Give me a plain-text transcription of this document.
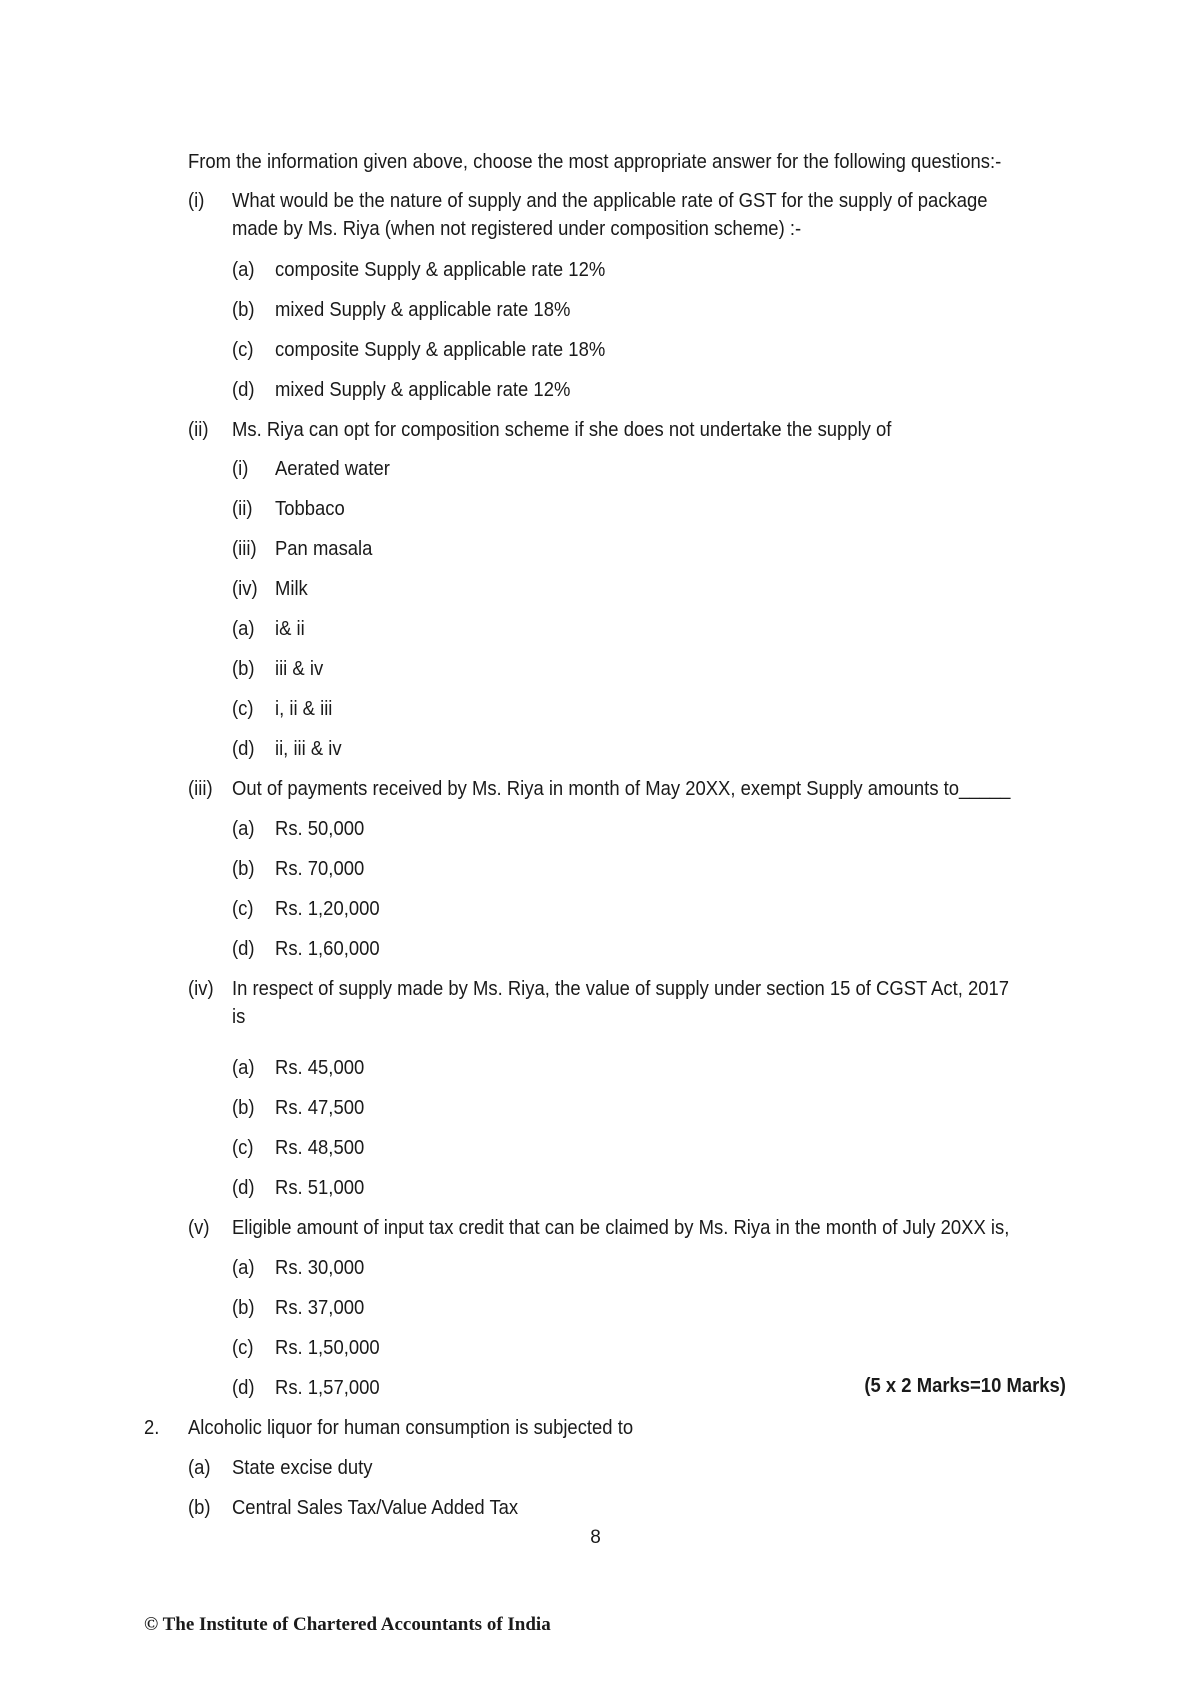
From the information given above, choose the most appropriate answer for the following questions:-
(i) What would be the nature of supply and the applicable rate of GST for the supply of package made by Ms. Riya (when not registered under composition scheme) :-
(a) composite Supply & applicable rate 12%
(b) mixed Supply & applicable rate 18%
(c) composite Supply & applicable rate 18%
(d) mixed Supply & applicable rate 12%
(ii) Ms. Riya can opt for composition scheme if she does not undertake the supply of
(i) Aerated water
(ii) Tobbaco
(iii) Pan masala
(iv) Milk
(a) i& ii
(b) iii & iv
(c) i, ii & iii
(d) ii, iii & iv
(iii) Out of payments received by Ms. Riya in month of May 20XX, exempt Supply amounts to_____
(a) Rs. 50,000
(b) Rs. 70,000
(c) Rs. 1,20,000
(d) Rs. 1,60,000
(iv) In respect of supply made by Ms. Riya, the value of supply under section 15 of CGST Act, 2017 is
(a) Rs. 45,000
(b) Rs. 47,500
(c) Rs. 48,500
(d) Rs. 51,000
(v) Eligible amount of input tax credit that can be claimed by Ms. Riya in the month of July 20XX is,
(a) Rs. 30,000
(b) Rs. 37,000
(c) Rs. 1,50,000
(d) Rs. 1,57,000
2. Alcoholic liquor for human consumption is subjected to
(a) State excise duty
(b) Central Sales Tax/Value Added Tax
(5 x 2 Marks=10 Marks)
8
© The Institute of Chartered Accountants of India
